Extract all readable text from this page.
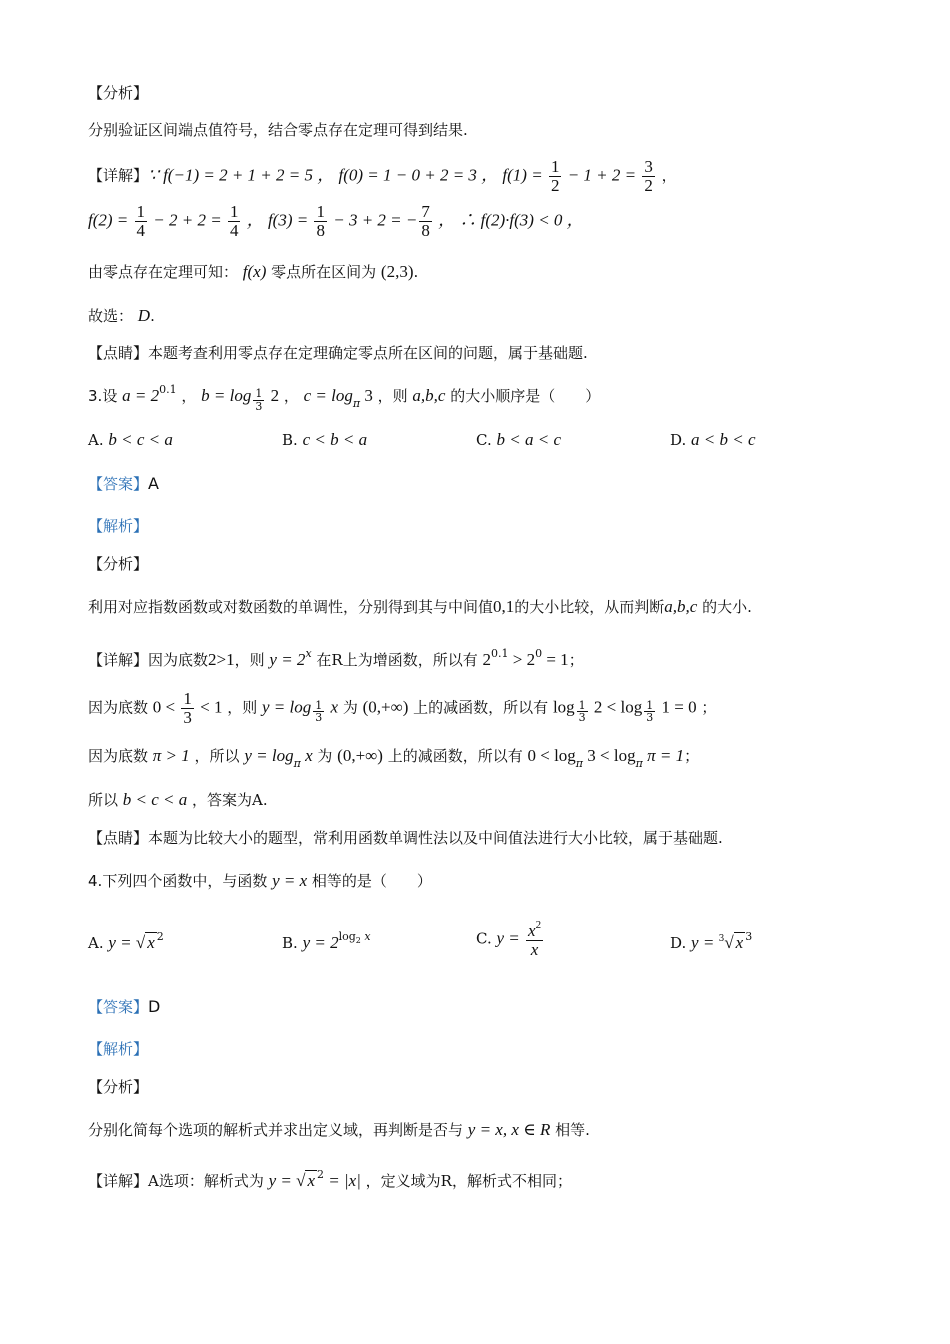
【分析】
分别验证区间端点值符号，结合零点存在定理可得到结果.
【详解】∵ f(−1) = 2 + 1 + 2 = 5 ， f(0) = 1 − 0 + 2 = 3 ， $f(1) = \frac{1}{2} - 1 + 2 = \frac{3}{2}$ ，
$f(2) = \frac{1}{4} - 2 + 2 = \frac{1}{4}$ ， $f(3) = \frac{1}{8} - 3 + 2$ = − $\frac{7}{8}$ ， ∴ f(2)·f(3) < 0 ，
由零点存在定理可知： f(x) 零点所在区间为 (2,3).
故选： D.
【点睛】本题考查利用零点存在定理确定零点所在区间的问题，属于基础题.
3.设 $a = 2^{0.1}$ ， $b = \log \frac{1}{3} 2$ ， $c = \log_\pi 3$ ，则 a,b,c 的大小顺序是（　　）
A. b < c < a	B. c < b < a	C. b < a < c	D. a < b < c
【答案】A
【解析】
【分析】
利用对应指数函数或对数函数的单调性，分别得到其与中间值0,1的大小比较，从而判断a,b,c 的大小.
【详解】因为底数2>1，则 $y = 2^x$ 在R上为增函数，所以有 $2^{0.1} > 2^0 = 1$；
因为底数 $0 < \frac{1}{3} < 1$ ，则 $y = \log \frac{1}{3}$ x 为 (0,+∞) 上的减函数，所以有 $\log \frac{1}{3} 2 < \log \frac{1}{3} 1 = 0$ ；
因为底数 π > 1 ，所以 $y = \log_\pi x$ 为 (0,+∞) 上的减函数，所以有 $0 < \log_\pi 3 < \log_\pi \pi = 1$；
所以 b < c < a ，答案为A.
【点睛】本题为比较大小的题型，常利用函数单调性法以及中间值法进行大小比较，属于基础题.
4.下列四个函数中，与函数 y = x 相等的是（　　）
A. y = √ x $^2$	B. $y = 2^{log2}$ $^x$	C. $y = \frac{x^2}{x}$	D. y = $^3$√ x $^3$
【答案】D
【解析】
【分析】
分别化简每个选项的解析式并求出定义域，再判断是否与 y = x, x ∈ R 相等.
【详解】A选项：解析式为 y = √ x $^2$ = |x| ，定义域为R，解析式不相同；
